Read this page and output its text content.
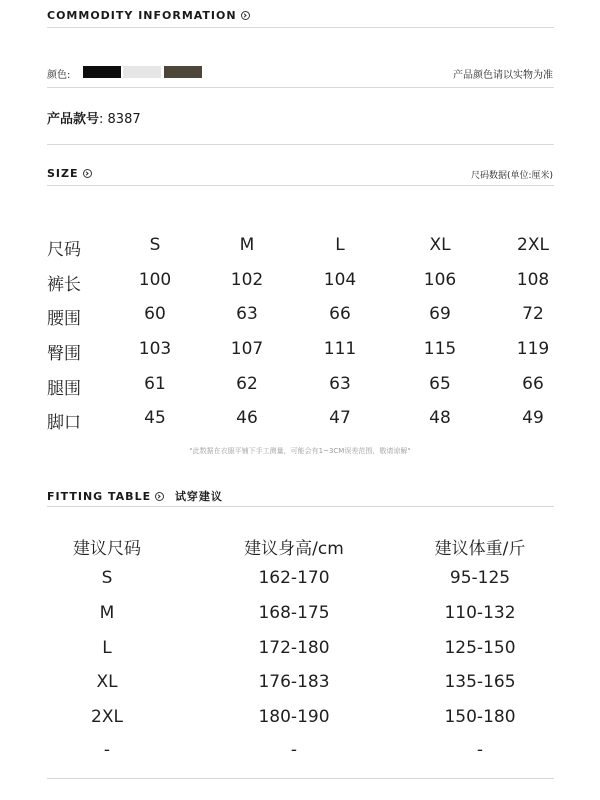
COMMODITY INFORMATION
颜色:	产品颜色请以实物为准
产品款号: 8387
SIZE	尺码数据(单位:厘米)
尺码	S	M	L	XL	2XL
裤长	100	102	104	106	108
腰围	60	63	66	69	72
臀围	103	107	111	115	119
腿围	61	62	63	65	66
脚口	45	46	47	48	49
"此数据在衣服平铺下手工测量，可能会有1~3CM误差范围，敬请谅解"
FITTING TABLE 试穿建议
建议尺码	建议身高/cm	建议体重/斤
S	162-170	95-125
M	168-175	110-132
L	172-180	125-150
XL	176-183	135-165
2XL	180-190	150-180
-	-	-
